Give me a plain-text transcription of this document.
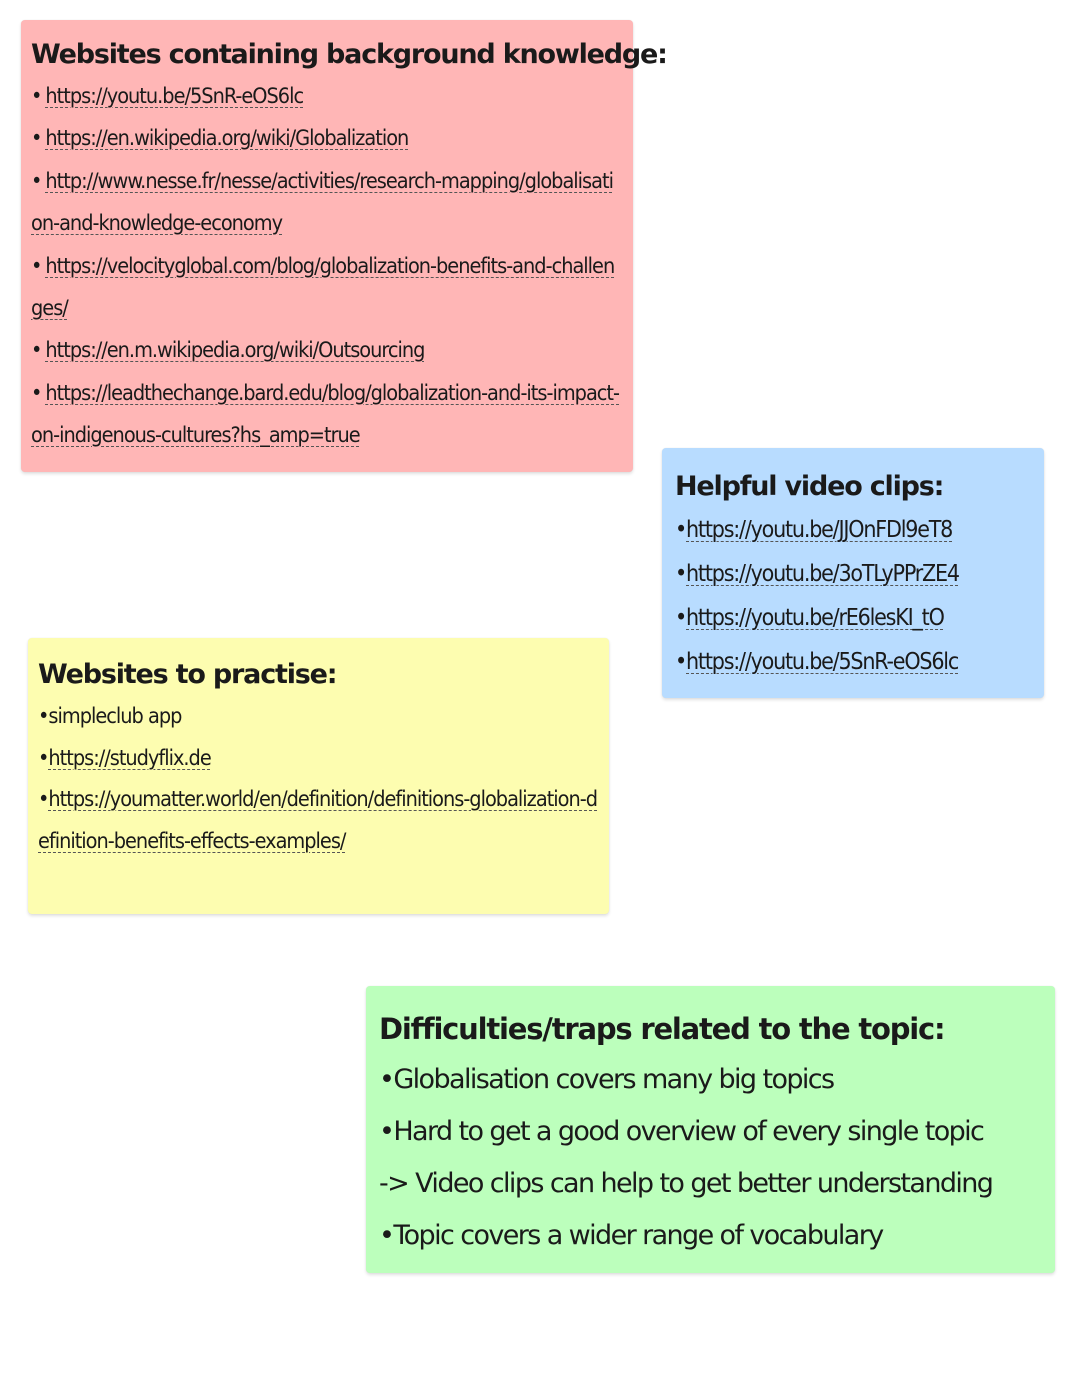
Websites containing background knowledge:
• https://youtu.be/5SnR-eOS6lc
• https://en.wikipedia.org/wiki/Globalization
• http://www.nesse.fr/nesse/activities/research-mapping/globalisation-and-knowledge-economy
• https://velocityglobal.com/blog/globalization-benefits-and-challenges/
• https://en.m.wikipedia.org/wiki/Outsourcing
• https://leadthechange.bard.edu/blog/globalization-and-its-impact-on-indigenous-cultures?hs_amp=true
Helpful video clips:
•https://youtu.be/JJOnFDl9eT8
•https://youtu.be/3oTLyPPrZE4
•https://youtu.be/rE6lesKI_tO
•https://youtu.be/5SnR-eOS6lc
Websites to practise:
•simpleclub app
•https://studyflix.de
•https://youmatter.world/en/definition/definitions-globalization-definition-benefits-effects-examples/
Difficulties/traps related to the topic:
•Globalisation covers many big topics
•Hard to get a good overview of every single topic
-> Video clips can help to get better understanding
•Topic covers a wider range of vocabulary
